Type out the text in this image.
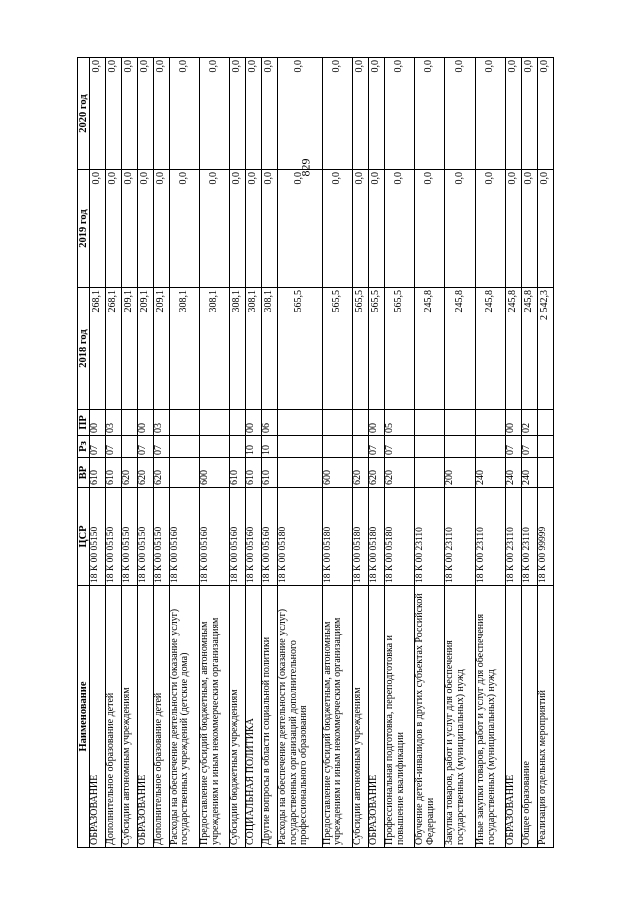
829
Наименование	ЦСР	ВР	Рз	ПР	2018 год	2019 год	2020 год
ОБРАЗОВАНИЕ	18 К 00 05150	610	07	00	268,1	0,0	0,0
Дополнительное образование детей	18 К 00 05150	610	07	03	268,1	0,0	0,0
Субсидии автономным учреждениям	18 К 00 05150	620			209,1	0,0	0,0
ОБРАЗОВАНИЕ	18 К 00 05150	620	07	00	209,1	0,0	0,0
Дополнительное образование детей	18 К 00 05150	620	07	03	209,1	0,0	0,0
Расходы на обеспечение деятельности (оказание услуг) государственных учреждений (детские дома)	18 К 00 05160				308,1	0,0	0,0
Предоставление субсидий бюджетным, автономным учреждениям и иным некоммерческим организациям	18 К 00 05160	600			308,1	0,0	0,0
Субсидии бюджетным учреждениям	18 К 00 05160	610			308,1	0,0	0,0
СОЦИАЛЬНАЯ ПОЛИТИКА	18 К 00 05160	610	10	00	308,1	0,0	0,0
Другие вопросы в области социальной политики	18 К 00 05160	610	10	06	308,1	0,0	0,0
Расходы на обеспечение деятельности (оказание услуг) государственных организаций дополнительного профессионального образования	18 К 00 05180				565,5	0,0	0,0
Предоставление субсидий бюджетным, автономным учреждениям и иным некоммерческим организациям	18 К 00 05180	600			565,5	0,0	0,0
Субсидии автономным учреждениям	18 К 00 05180	620			565,5	0,0	0,0
ОБРАЗОВАНИЕ	18 К 00 05180	620	07	00	565,5	0,0	0,0
Профессиональная подготовка, переподготовка и повышение квалификации	18 К 00 05180	620	07	05	565,5	0,0	0,0
Обучение детей-инвалидов в других субъектах Российской Федерации	18 К 00 23110				245,8	0,0	0,0
Закупка товаров, работ и услуг для обеспечения государственных (муниципальных) нужд	18 К 00 23110	200			245,8	0,0	0,0
Иные закупки товаров, работ и услуг для обеспечения государственных (муниципальных) нужд	18 К 00 23110	240			245,8	0,0	0,0
ОБРАЗОВАНИЕ	18 К 00 23110	240	07	00	245,8	0,0	0,0
Общее образование	18 К 00 23110	240	07	02	245,8	0,0	0,0
Реализация отдельных мероприятий	18 К 00 99999				2 542,3	0,0	0,0
